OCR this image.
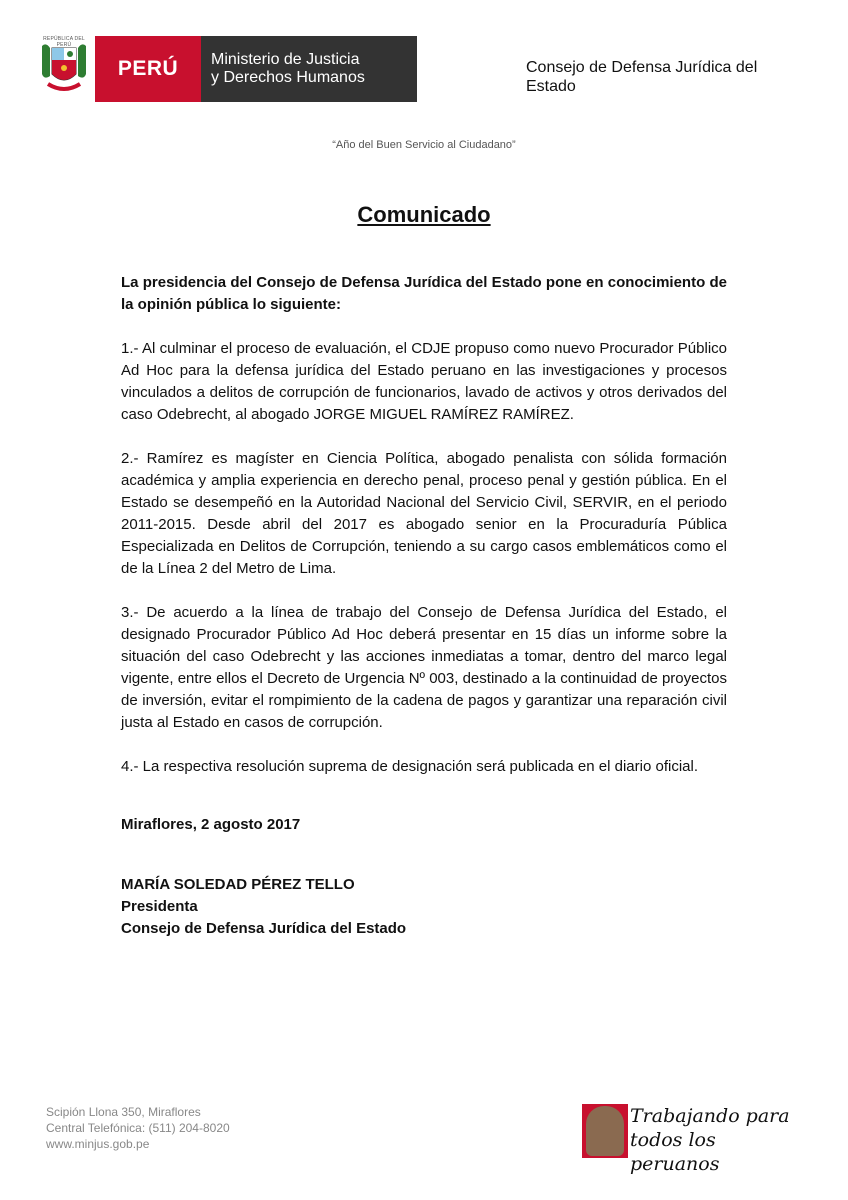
REPÚBLICA DEL PERÚ
PERÚ	Ministerio de Justicia
y Derechos Humanos
Consejo de Defensa Jurídica del
Estado
“Año del Buen Servicio al Ciudadano”
Comunicado

La presidencia del Consejo de Defensa Jurídica del Estado pone en conocimiento de la opinión pública lo siguiente:

1.- Al culminar el proceso de evaluación, el CDJE propuso como nuevo Procurador Público Ad Hoc para la defensa jurídica del Estado peruano en las investigaciones y procesos vinculados a delitos de corrupción de funcionarios, lavado de activos y otros derivados del caso Odebrecht, al abogado JORGE MIGUEL RAMÍREZ RAMÍREZ.

2.- Ramírez es magíster en Ciencia Política, abogado penalista con sólida formación académica y amplia experiencia en derecho penal, proceso penal y gestión pública. En el Estado se desempeñó en la Autoridad Nacional del Servicio Civil, SERVIR, en el periodo 2011-2015. Desde abril del 2017 es abogado senior en la Procuraduría Pública Especializada en Delitos de Corrupción, teniendo a su cargo casos emblemáticos como el de la Línea 2 del Metro de Lima.

3.- De acuerdo a la línea de trabajo del Consejo de Defensa Jurídica del Estado, el designado Procurador Público Ad Hoc deberá presentar en 15 días un informe sobre la situación del caso Odebrecht y las acciones inmediatas a tomar, dentro del marco legal vigente, entre ellos el Decreto de Urgencia Nº 003, destinado a la continuidad de proyectos de inversión, evitar el rompimiento de la cadena de pagos y garantizar una reparación civil justa al Estado en casos de corrupción.

4.- La respectiva resolución suprema de designación será publicada en el diario oficial.

Miraflores, 2 agosto 2017
MARÍA SOLEDAD PÉREZ TELLO
Presidenta
Consejo de Defensa Jurídica del Estado
Scipión Llona 350, Miraflores
Central Telefónica: (511) 204-8020
www.minjus.gob.pe
Trabajando para
todos los peruanos
